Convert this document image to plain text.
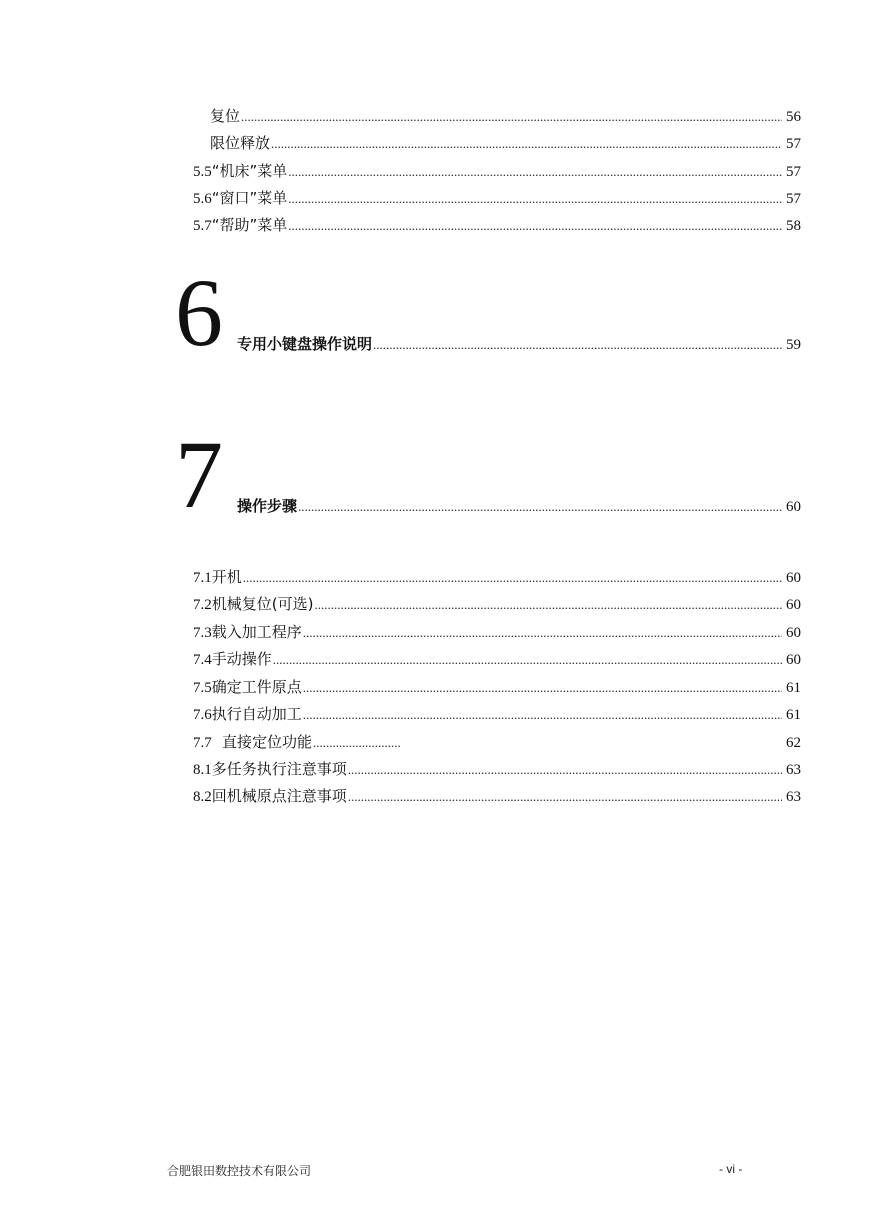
复位 .....	56
限位释放 .....	57
5.5 “机床”菜单 .....	57
5.6 “窗口”菜单 .....	57
5.7 “帮助”菜单 .....	58
6 专用小键盘操作说明 .....	59
7 操作步骤 .....	60
7.1 开机 .....	60
7.2 机械复位(可选) .....	60
7.3 载入加工程序 .....	60
7.4 手动操作 .....	60
7.5 确定工件原点 .....	61
7.6 执行自动加工 .....	61
7.7 直接定位功能 .....	62
8.1 多任务执行注意事项 .....	63
8.2 回机械原点注意事项 .....	63
合肥银田数控技术有限公司	- vi -
